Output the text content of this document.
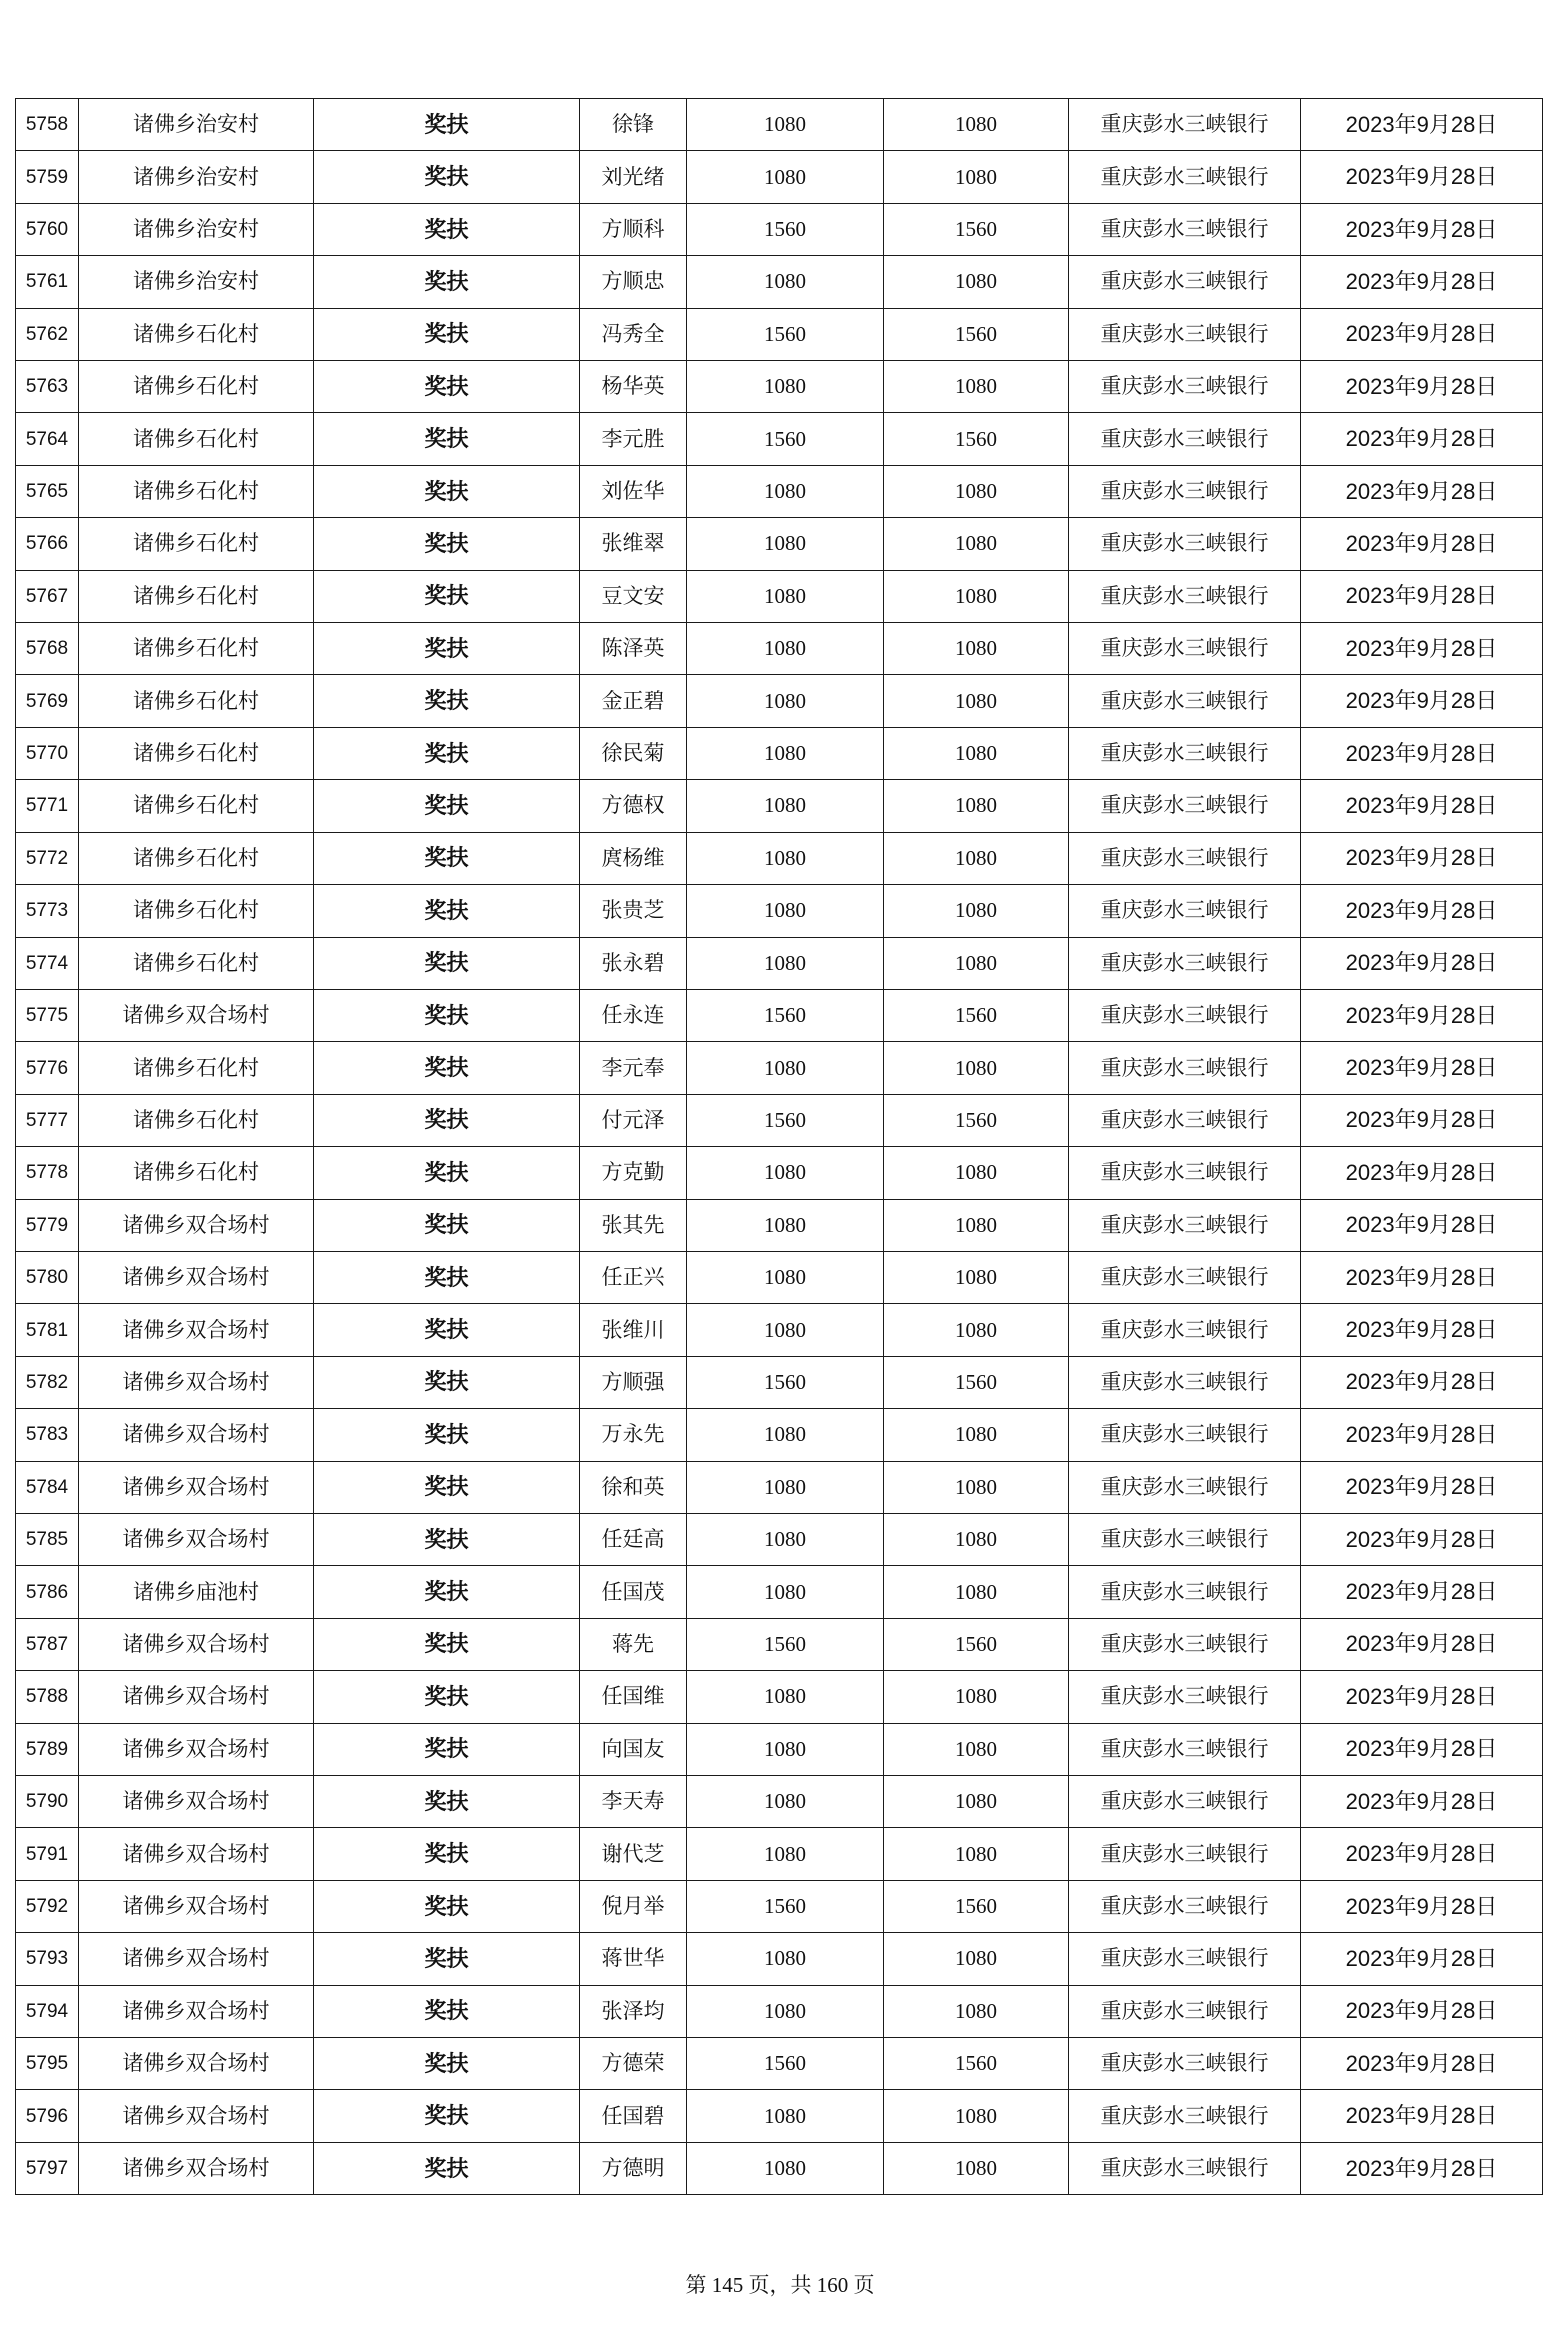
5758	诸佛乡治安村	奖扶	徐锋	1080	1080	重庆彭水三峡银行	2023年9月28日
5759	诸佛乡治安村	奖扶	刘光绪	1080	1080	重庆彭水三峡银行	2023年9月28日
5760	诸佛乡治安村	奖扶	方顺科	1560	1560	重庆彭水三峡银行	2023年9月28日
5761	诸佛乡治安村	奖扶	方顺忠	1080	1080	重庆彭水三峡银行	2023年9月28日
5762	诸佛乡石化村	奖扶	冯秀全	1560	1560	重庆彭水三峡银行	2023年9月28日
5763	诸佛乡石化村	奖扶	杨华英	1080	1080	重庆彭水三峡银行	2023年9月28日
5764	诸佛乡石化村	奖扶	李元胜	1560	1560	重庆彭水三峡银行	2023年9月28日
5765	诸佛乡石化村	奖扶	刘佐华	1080	1080	重庆彭水三峡银行	2023年9月28日
5766	诸佛乡石化村	奖扶	张维翠	1080	1080	重庆彭水三峡银行	2023年9月28日
5767	诸佛乡石化村	奖扶	豆文安	1080	1080	重庆彭水三峡银行	2023年9月28日
5768	诸佛乡石化村	奖扶	陈泽英	1080	1080	重庆彭水三峡银行	2023年9月28日
5769	诸佛乡石化村	奖扶	金正碧	1080	1080	重庆彭水三峡银行	2023年9月28日
5770	诸佛乡石化村	奖扶	徐民菊	1080	1080	重庆彭水三峡银行	2023年9月28日
5771	诸佛乡石化村	奖扶	方德权	1080	1080	重庆彭水三峡银行	2023年9月28日
5772	诸佛乡石化村	奖扶	庹杨维	1080	1080	重庆彭水三峡银行	2023年9月28日
5773	诸佛乡石化村	奖扶	张贵芝	1080	1080	重庆彭水三峡银行	2023年9月28日
5774	诸佛乡石化村	奖扶	张永碧	1080	1080	重庆彭水三峡银行	2023年9月28日
5775	诸佛乡双合场村	奖扶	任永连	1560	1560	重庆彭水三峡银行	2023年9月28日
5776	诸佛乡石化村	奖扶	李元奉	1080	1080	重庆彭水三峡银行	2023年9月28日
5777	诸佛乡石化村	奖扶	付元泽	1560	1560	重庆彭水三峡银行	2023年9月28日
5778	诸佛乡石化村	奖扶	方克勤	1080	1080	重庆彭水三峡银行	2023年9月28日
5779	诸佛乡双合场村	奖扶	张其先	1080	1080	重庆彭水三峡银行	2023年9月28日
5780	诸佛乡双合场村	奖扶	任正兴	1080	1080	重庆彭水三峡银行	2023年9月28日
5781	诸佛乡双合场村	奖扶	张维川	1080	1080	重庆彭水三峡银行	2023年9月28日
5782	诸佛乡双合场村	奖扶	方顺强	1560	1560	重庆彭水三峡银行	2023年9月28日
5783	诸佛乡双合场村	奖扶	万永先	1080	1080	重庆彭水三峡银行	2023年9月28日
5784	诸佛乡双合场村	奖扶	徐和英	1080	1080	重庆彭水三峡银行	2023年9月28日
5785	诸佛乡双合场村	奖扶	任廷高	1080	1080	重庆彭水三峡银行	2023年9月28日
5786	诸佛乡庙池村	奖扶	任国茂	1080	1080	重庆彭水三峡银行	2023年9月28日
5787	诸佛乡双合场村	奖扶	蒋先	1560	1560	重庆彭水三峡银行	2023年9月28日
5788	诸佛乡双合场村	奖扶	任国维	1080	1080	重庆彭水三峡银行	2023年9月28日
5789	诸佛乡双合场村	奖扶	向国友	1080	1080	重庆彭水三峡银行	2023年9月28日
5790	诸佛乡双合场村	奖扶	李天寿	1080	1080	重庆彭水三峡银行	2023年9月28日
5791	诸佛乡双合场村	奖扶	谢代芝	1080	1080	重庆彭水三峡银行	2023年9月28日
5792	诸佛乡双合场村	奖扶	倪月举	1560	1560	重庆彭水三峡银行	2023年9月28日
5793	诸佛乡双合场村	奖扶	蒋世华	1080	1080	重庆彭水三峡银行	2023年9月28日
5794	诸佛乡双合场村	奖扶	张泽均	1080	1080	重庆彭水三峡银行	2023年9月28日
5795	诸佛乡双合场村	奖扶	方德荣	1560	1560	重庆彭水三峡银行	2023年9月28日
5796	诸佛乡双合场村	奖扶	任国碧	1080	1080	重庆彭水三峡银行	2023年9月28日
5797	诸佛乡双合场村	奖扶	方德明	1080	1080	重庆彭水三峡银行	2023年9月28日
第 145 页，共 160 页
